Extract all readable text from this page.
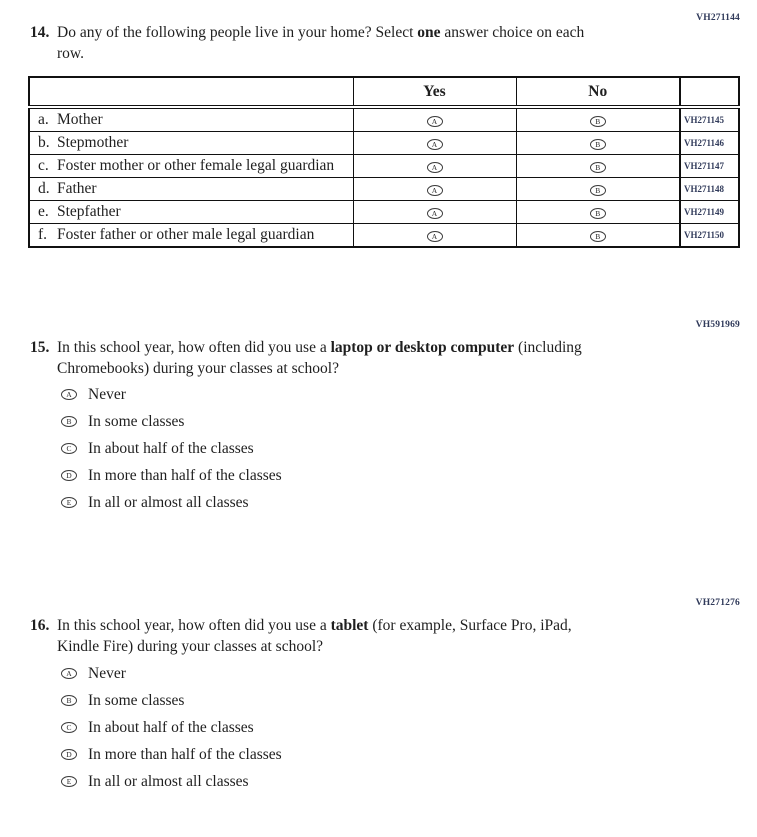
VH271144
14. Do any of the following people live in your home? Select one answer choice on each
row.
	Yes	No	

a. Mother	A	B	VH271145

b. Stepmother	A	B	VH271146

c. Foster mother or other female legal guardian	A	B	VH271147

d. Father	A	B	VH271148

e. Stepfather	A	B	VH271149

f. Foster father or other male legal guardian	A	B	VH271150
VH591969
15. In this school year, how often did you use a laptop or desktop computer (including
Chromebooks) during your classes at school?
A	Never
B	In some classes
C	In about half of the classes
D	In more than half of the classes
E	In all or almost all classes
VH271276
16. In this school year, how often did you use a tablet (for example, Surface Pro, iPad,
Kindle Fire) during your classes at school?
A	Never
B	In some classes
C	In about half of the classes
D	In more than half of the classes
E	In all or almost all classes
